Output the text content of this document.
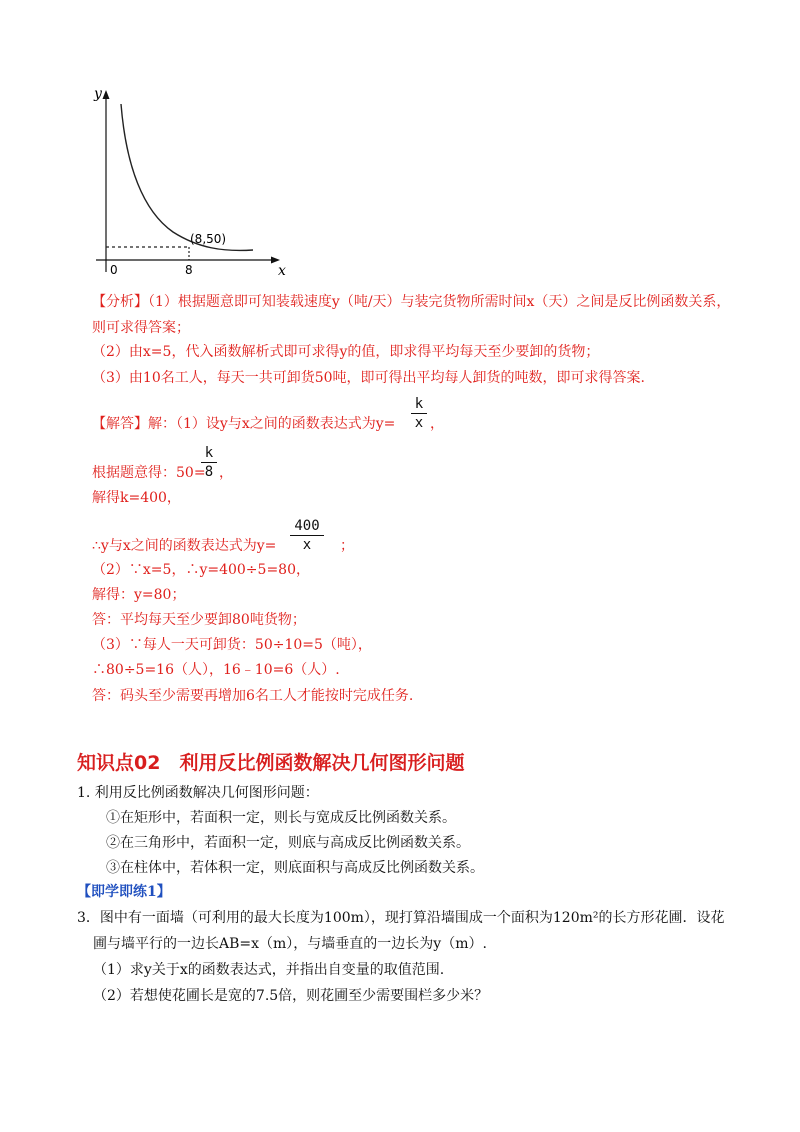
y
x
0	8
(8,50)
【分析】（1）根据题意即可知装载速度y（吨/天）与装完货物所需时间x（天）之间是反比例函数关系，
则可求得答案；
（2）由x=5，代入函数解析式即可求得y的值，即求得平均每天至少要卸的货物；
（3）由10名工人，每天一共可卸货50吨，即可得出平均每人卸货的吨数，即可求得答案.
【解答】解：（1）设y与x之间的函数表达式为y=
k
x ，
根据题意得：50=
k
8 ，
解得k=400，
∴y与x之间的函数表达式为y=
400
x	；
（2）∵x=5，∴y=400÷5=80，
解得：y=80；
答：平均每天至少要卸80吨货物；
（3）∵每人一天可卸货：50÷10=5（吨），
∴80÷5=16（人），16﹣10=6（人）.
答：码头至少需要再增加6名工人才能按时完成任务.
知识点02　利用反比例函数解决几何图形问题
1. 利用反比例函数解决几何图形问题：
①在矩形中，若面积一定，则长与宽成反比例函数关系。
②在三角形中，若面积一定，则底与高成反比例函数关系。
③在柱体中，若体积一定，则底面积与高成反比例函数关系。
【即学即练1】
3．图中有一面墙（可利用的最大长度为100m），现打算沿墙围成一个面积为120m²的长方形花圃．设花
圃与墙平行的一边长AB=x（m），与墙垂直的一边长为y（m）.
（1）求y关于x的函数表达式，并指出自变量的取值范围.
（2）若想使花圃长是宽的7.5倍，则花圃至少需要围栏多少米？
